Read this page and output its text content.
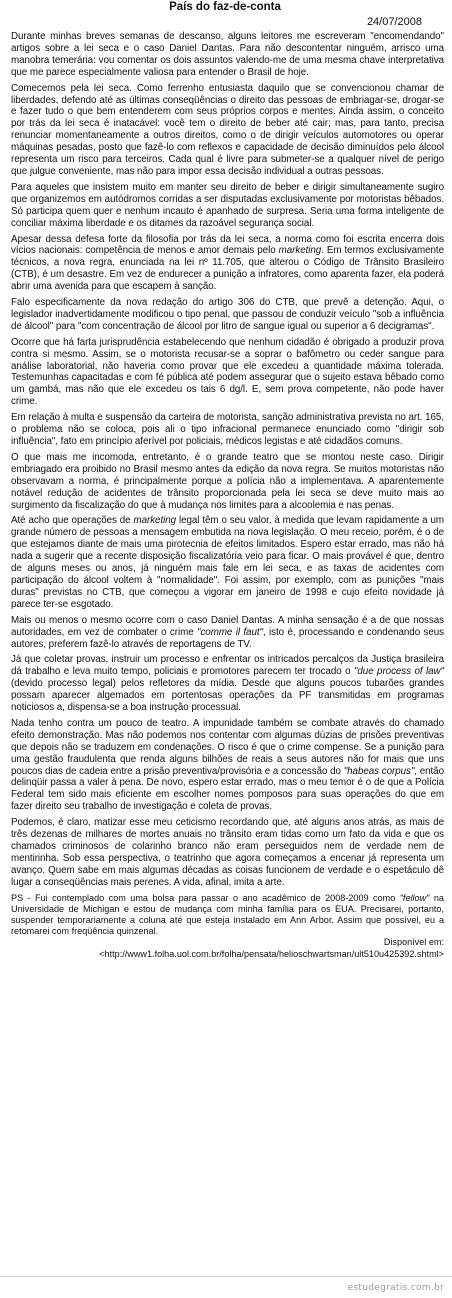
País do faz-de-conta
24/07/2008

Durante minhas breves semanas de descanso, alguns leitores me escreveram "encomendando" artigos sobre a lei seca e o caso Daniel Dantas. Para não descontentar ninguém, arrisco uma manobra temerária: vou comentar os dois assuntos valendo-me de uma mesma chave interpretativa que me parece especialmente valiosa para entender o Brasil de hoje.

Comecemos pela lei seca. Como ferrenho entusiasta daquilo que se convencionou chamar de liberdades, defendo até as últimas conseqüências o direito das pessoas de embriagar-se, drogar-se e fazer tudo o que bem entenderem com seus próprios corpos e mentes. Ainda assim, o conceito por trás da lei seca é inatacável: você tem o direito de beber até cair; mas, para tanto, precisa renunciar momentaneamente a outros direitos, como o de dirigir veículos automotores ou operar máquinas pesadas, posto que fazê-lo com reflexos e capacidade de decisão diminuídos pelo álcool representa um risco para terceiros. Cada qual é livre para submeter-se a qualquer nível de perigo que julgue conveniente, mas não para impor essa decisão individual a outras pessoas.

Para aqueles que insistem muito em manter seu direito de beber e dirigir simultaneamente sugiro que organizemos em autódromos corridas a ser disputadas exclusivamente por motoristas bêbados. Só participa quem quer e nenhum incauto é apanhado de surpresa. Seria uma forma inteligente de conciliar máxima liberdade e os ditames da razoável segurança social.

Apesar dessa defesa forte da filosofia por trás da lei seca, a norma como foi escrita encerra dois vícios nacionais: competência de menos e amor demais pelo marketing. Em termos exclusivamente técnicos, a nova regra, enunciada na lei nº 11.705, que alterou o Código de Trânsito Brasileiro (CTB), é um desastre. Em vez de endurecer a punição a infratores, como aparenta fazer, ela poderá abrir uma avenida para que escapem à sanção.

Falo especificamente da nova redação do artigo 306 do CTB, que prevê a detenção. Aqui, o legislador inadvertidamente modificou o tipo penal, que passou de conduzir veículo "sob a influência de álcool" para "com concentração de álcool por litro de sangue igual ou superior a 6 decigramas".

Ocorre que há farta jurisprudência estabelecendo que nenhum cidadão é obrigado a produzir prova contra si mesmo. Assim, se o motorista recusar-se a soprar o bafômetro ou ceder sangue para análise laboratorial, não haveria como provar que ele excedeu a quantidade máxima tolerada. Testemunhas capacitadas e com fé pública até podem assegurar que o sujeito estava bêbado como um gambá, mas não que ele excedeu os tais 6 dg/l. E, sem prova competente, não pode haver crime.

Em relação à multa e suspensão da carteira de motorista, sanção administrativa prevista no art. 165, o problema não se coloca, pois ali o tipo infracional permanece enunciado como "dirigir sob influência", fato em princípio aferível por policiais, médicos legistas e até cidadãos comuns.

O que mais me incomoda, entretanto, é o grande teatro que se montou neste caso. Dirigir embriagado era proibido no Brasil mesmo antes da edição da nova regra. Se muitos motoristas não observavam a norma, é principalmente porque a polícia não a implementava. A aparentemente notável redução de acidentes de trânsito proporcionada pela lei seca se deve muito mais ao surgimento da fiscalização do que à mudança nos limites para a alcoolemia e nas penas.

Até acho que operações de marketing legal têm o seu valor, à medida que levam rapidamente a um grande número de pessoas a mensagem embutida na nova legislação. O meu receio, porém, é o de que estejamos diante de mais uma pirotecnia de efeitos limitados. Espero estar errado, mas não há nada a sugerir que a recente disposição fiscalizatória veio para ficar. O mais provável é que, dentro de alguns meses ou anos, já ninguém mais fale em lei seca, e as taxas de acidentes com participação do álcool voltem à "normalidade". Foi assim, por exemplo, com as punições "mais duras" previstas no CTB, que começou a vigorar em janeiro de 1998 e cujo efeito novidade já parece ter-se esgotado.

Mais ou menos o mesmo ocorre com o caso Daniel Dantas. A minha sensação é a de que nossas autoridades, em vez de combater o crime "comme il faut", isto é, processando e condenando seus autores, preferem fazê-lo através de reportagens de TV.

Já que coletar provas, instruir um processo e enfrentar os intricados percalços da Justiça brasileira dá trabalho e leva muito tempo, policiais e promotores parecem ter trocado o "due process of law" (devido processo legal) pelos refletores da mídia. Desde que alguns poucos tubarões grandes possam aparecer algemados em portentosas operações da PF transmitidas em programas noticiosos a, dispensa-se a boa instrução processual.

Nada tenho contra um pouco de teatro. A impunidade também se combate através do chamado efeito demonstração. Mas não podemos nos contentar com algumas dúzias de prisões preventivas que depois não se traduzem em condenações. O risco é que o crime compense. Se a punição para uma gestão fraudulenta que renda alguns bilhões de reais a seus autores não for mais que uns poucos dias de cadeia entre a prisão preventiva/provisória e a concessão do "habeas corpus", então delinqüir passa a valer à pena. De novo, espero estar errado, mas o meu temor é o de que a Polícia Federal tem sido mais eficiente em escolher nomes pomposos para suas operações do que em fazer direito seu trabalho de investigação e coleta de provas.

Podemos, é claro, matizar esse meu ceticismo recordando que, até alguns anos atrás, as mais de três dezenas de milhares de mortes anuais no trânsito eram tidas como um fato da vida e que os chamados criminosos de colarinho branco não eram perseguidos nem de verdade nem de mentirinha. Sob essa perspectiva, o teatrinho que agora começamos a encenar já representa um avanço. Quem sabe em mais algumas décadas as coisas funcionem de verdade e o espetáculo dê lugar a conseqüências mais perenes. A vida, afinal, imita a arte.

PS - Fui contemplado com uma bolsa para passar o ano acadêmico de 2008-2009 como "fellow" na Universidade de Michigan e estou de mudança com minha família para os EUA. Precisarei, portanto, suspender temporariamente a coluna até que esteja instalado em Ann Arbor. Assim que possível, eu a retomarei com freqüência quinzenal.

Disponível em:

<http://www1.folha.uol.com.br/folha/pensata/helioschwartsman/ult510u425392.shtml>

estudegratis.com.br
